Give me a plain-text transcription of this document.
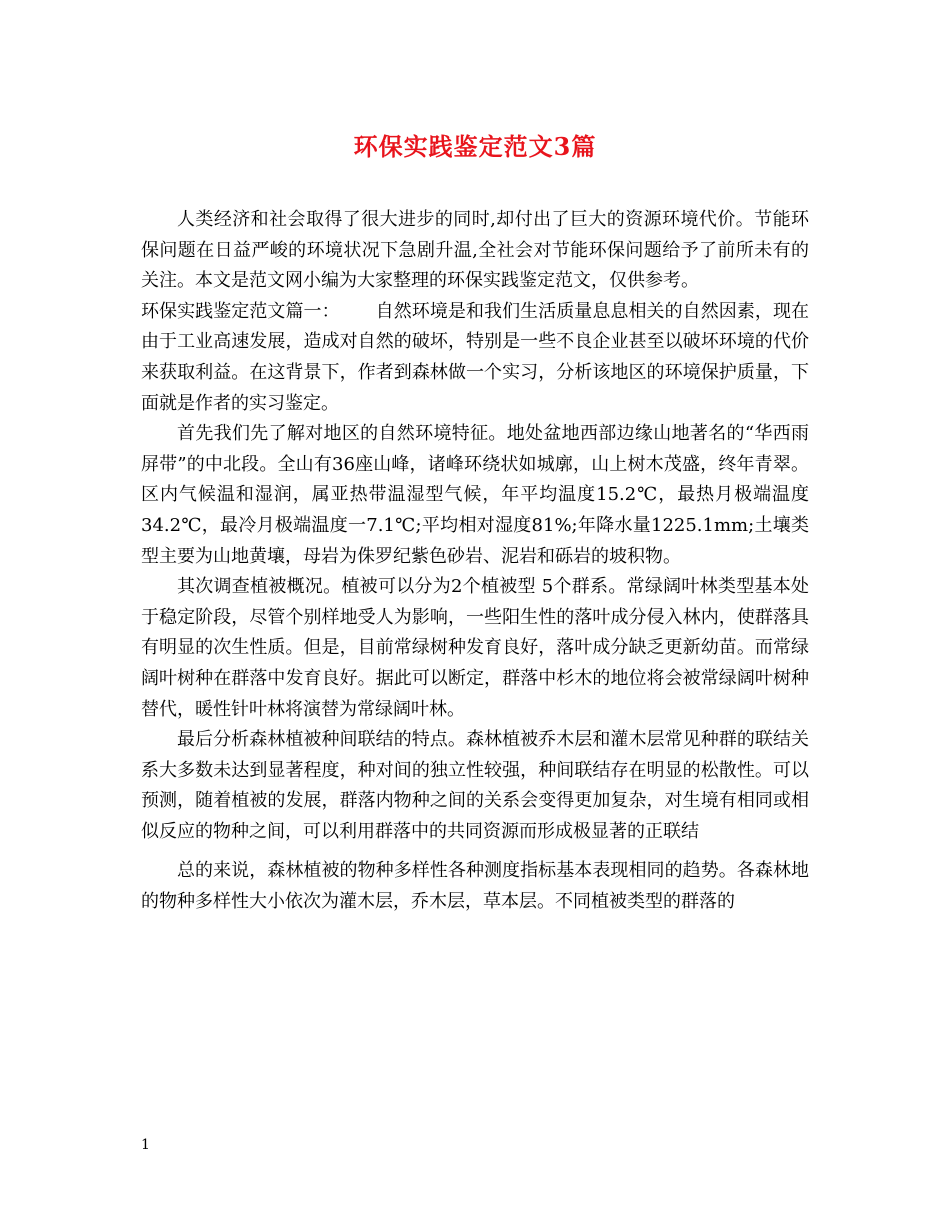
环保实践鉴定范文3篇

人类经济和社会取得了很大进步的同时,却付出了巨大的资源环境代价。节能环保问题在日益严峻的环境状况下急剧升温,全社会对节能环保问题给予了前所未有的关注。本文是范文网小编为大家整理的环保实践鉴定范文，仅供参考。

环保实践鉴定范文篇一： 自然环境是和我们生活质量息息相关的自然因素，现在由于工业高速发展，造成对自然的破坏，特别是一些不良企业甚至以破坏环境的代价来获取利益。在这背景下，作者到森林做一个实习，分析该地区的环境保护质量，下面就是作者的实习鉴定。

首先我们先了解对地区的自然环境特征。地处盆地西部边缘山地著名的“华西雨屏带”的中北段。全山有36座山峰，诸峰环绕状如城廓，山上树木茂盛，终年青翠。区内气候温和湿润，属亚热带温湿型气候，年平均温度15.2℃，最热月极端温度34.2℃，最冷月极端温度一7.1℃;平均相对湿度81%;年降水量1225.1mm;土壤类型主要为山地黄壤，母岩为侏罗纪紫色砂岩、泥岩和砾岩的坡积物。

其次调查植被概况。植被可以分为2个植被型 5个群系。常绿阔叶林类型基本处于稳定阶段，尽管个别样地受人为影响，一些阳生性的落叶成分侵入林内，使群落具有明显的次生性质。但是，目前常绿树种发育良好，落叶成分缺乏更新幼苗。而常绿阔叶树种在群落中发育良好。据此可以断定，群落中杉木的地位将会被常绿阔叶树种替代，暖性针叶林将演替为常绿阔叶林。

最后分析森林植被种间联结的特点。森林植被乔木层和灌木层常见种群的联结关系大多数未达到显著程度，种对间的独立性较强，种间联结存在明显的松散性。可以预测，随着植被的发展，群落内物种之间的关系会变得更加复杂，对生境有相同或相似反应的物种之间，可以利用群落中的共同资源而形成极显著的正联结

总的来说，森林植被的物种多样性各种测度指标基本表现相同的趋势。各森林地的物种多样性大小依次为灌木层，乔木层，草本层。不同植被类型的群落的

1
